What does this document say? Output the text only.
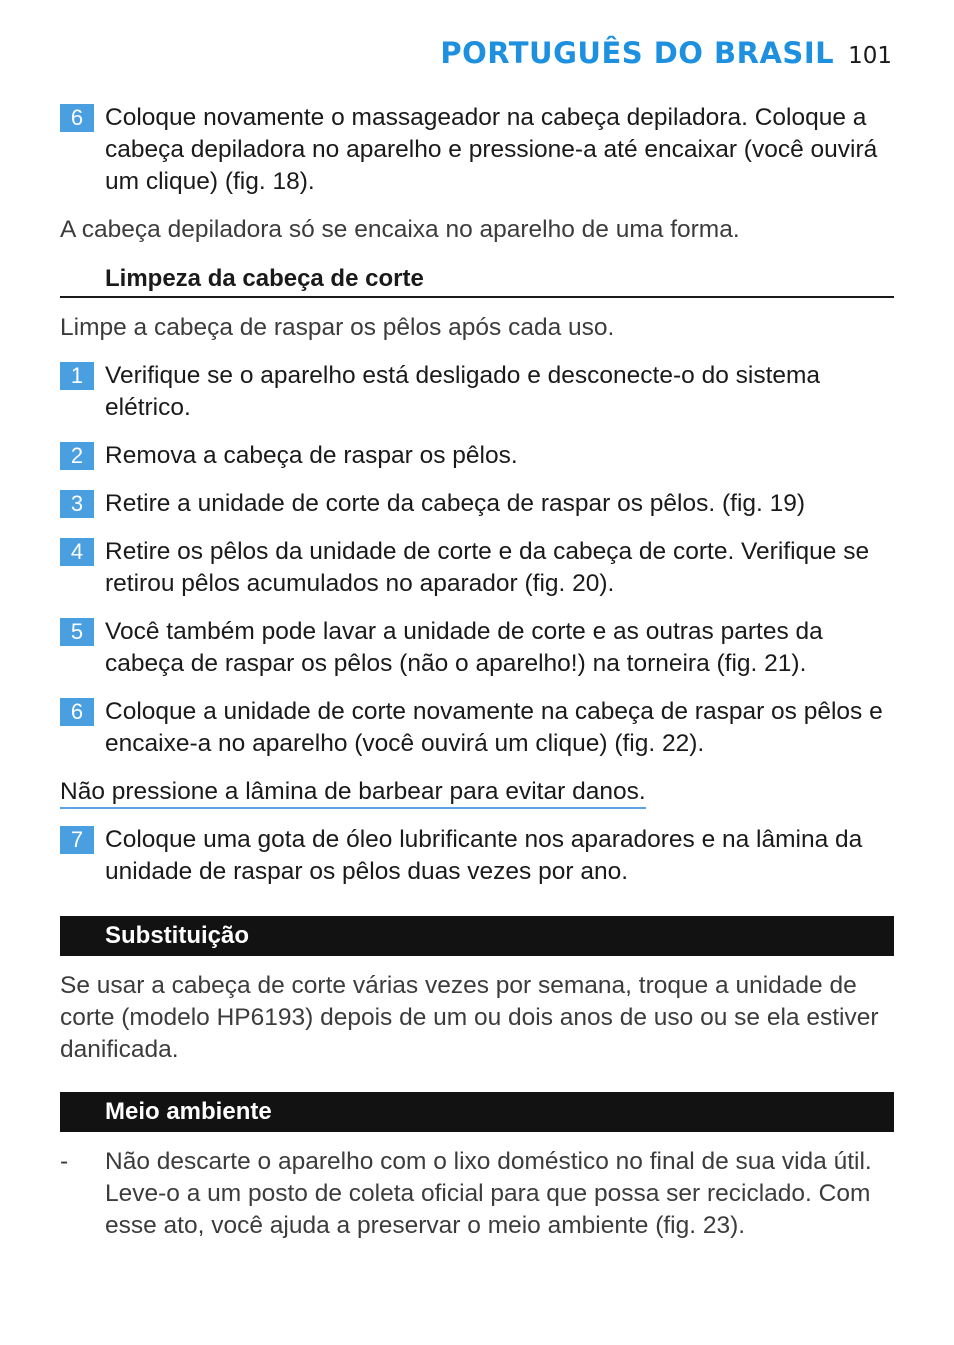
PORTUGUÊS DO BRASIL 101
6 Coloque novamente o massageador na cabeça depiladora. Coloque a cabeça depiladora no aparelho e pressione-a até encaixar (você ouvirá um clique) (fig. 18).
A cabeça depiladora só se encaixa no aparelho de uma forma.
Limpeza da cabeça de corte
Limpe a cabeça de raspar os pêlos após cada uso.
1 Verifique se o aparelho está desligado e desconecte-o do sistema elétrico.
2 Remova a cabeça de raspar os pêlos.
3 Retire a unidade de corte da cabeça de raspar os pêlos. (fig. 19)
4 Retire os pêlos da unidade de corte e da cabeça de corte. Verifique se retirou pêlos acumulados no aparador (fig. 20).
5 Você também pode lavar a unidade de corte e as outras partes da cabeça de raspar os pêlos (não o aparelho!) na torneira (fig. 21).
6 Coloque a unidade de corte novamente na cabeça de raspar os pêlos e encaixe-a no aparelho (você ouvirá um clique) (fig. 22).
Não pressione a lâmina de barbear para evitar danos.
7 Coloque uma gota de óleo lubrificante nos aparadores e na lâmina da unidade de raspar os pêlos duas vezes por ano.
Substituição
Se usar a cabeça de corte várias vezes por semana, troque a unidade de corte (modelo HP6193) depois de um ou dois anos de uso ou se ela estiver danificada.
Meio ambiente
- Não descarte o aparelho com o lixo doméstico no final de sua vida útil. Leve-o a um posto de coleta oficial para que possa ser reciclado. Com esse ato, você ajuda a preservar o meio ambiente (fig. 23).
